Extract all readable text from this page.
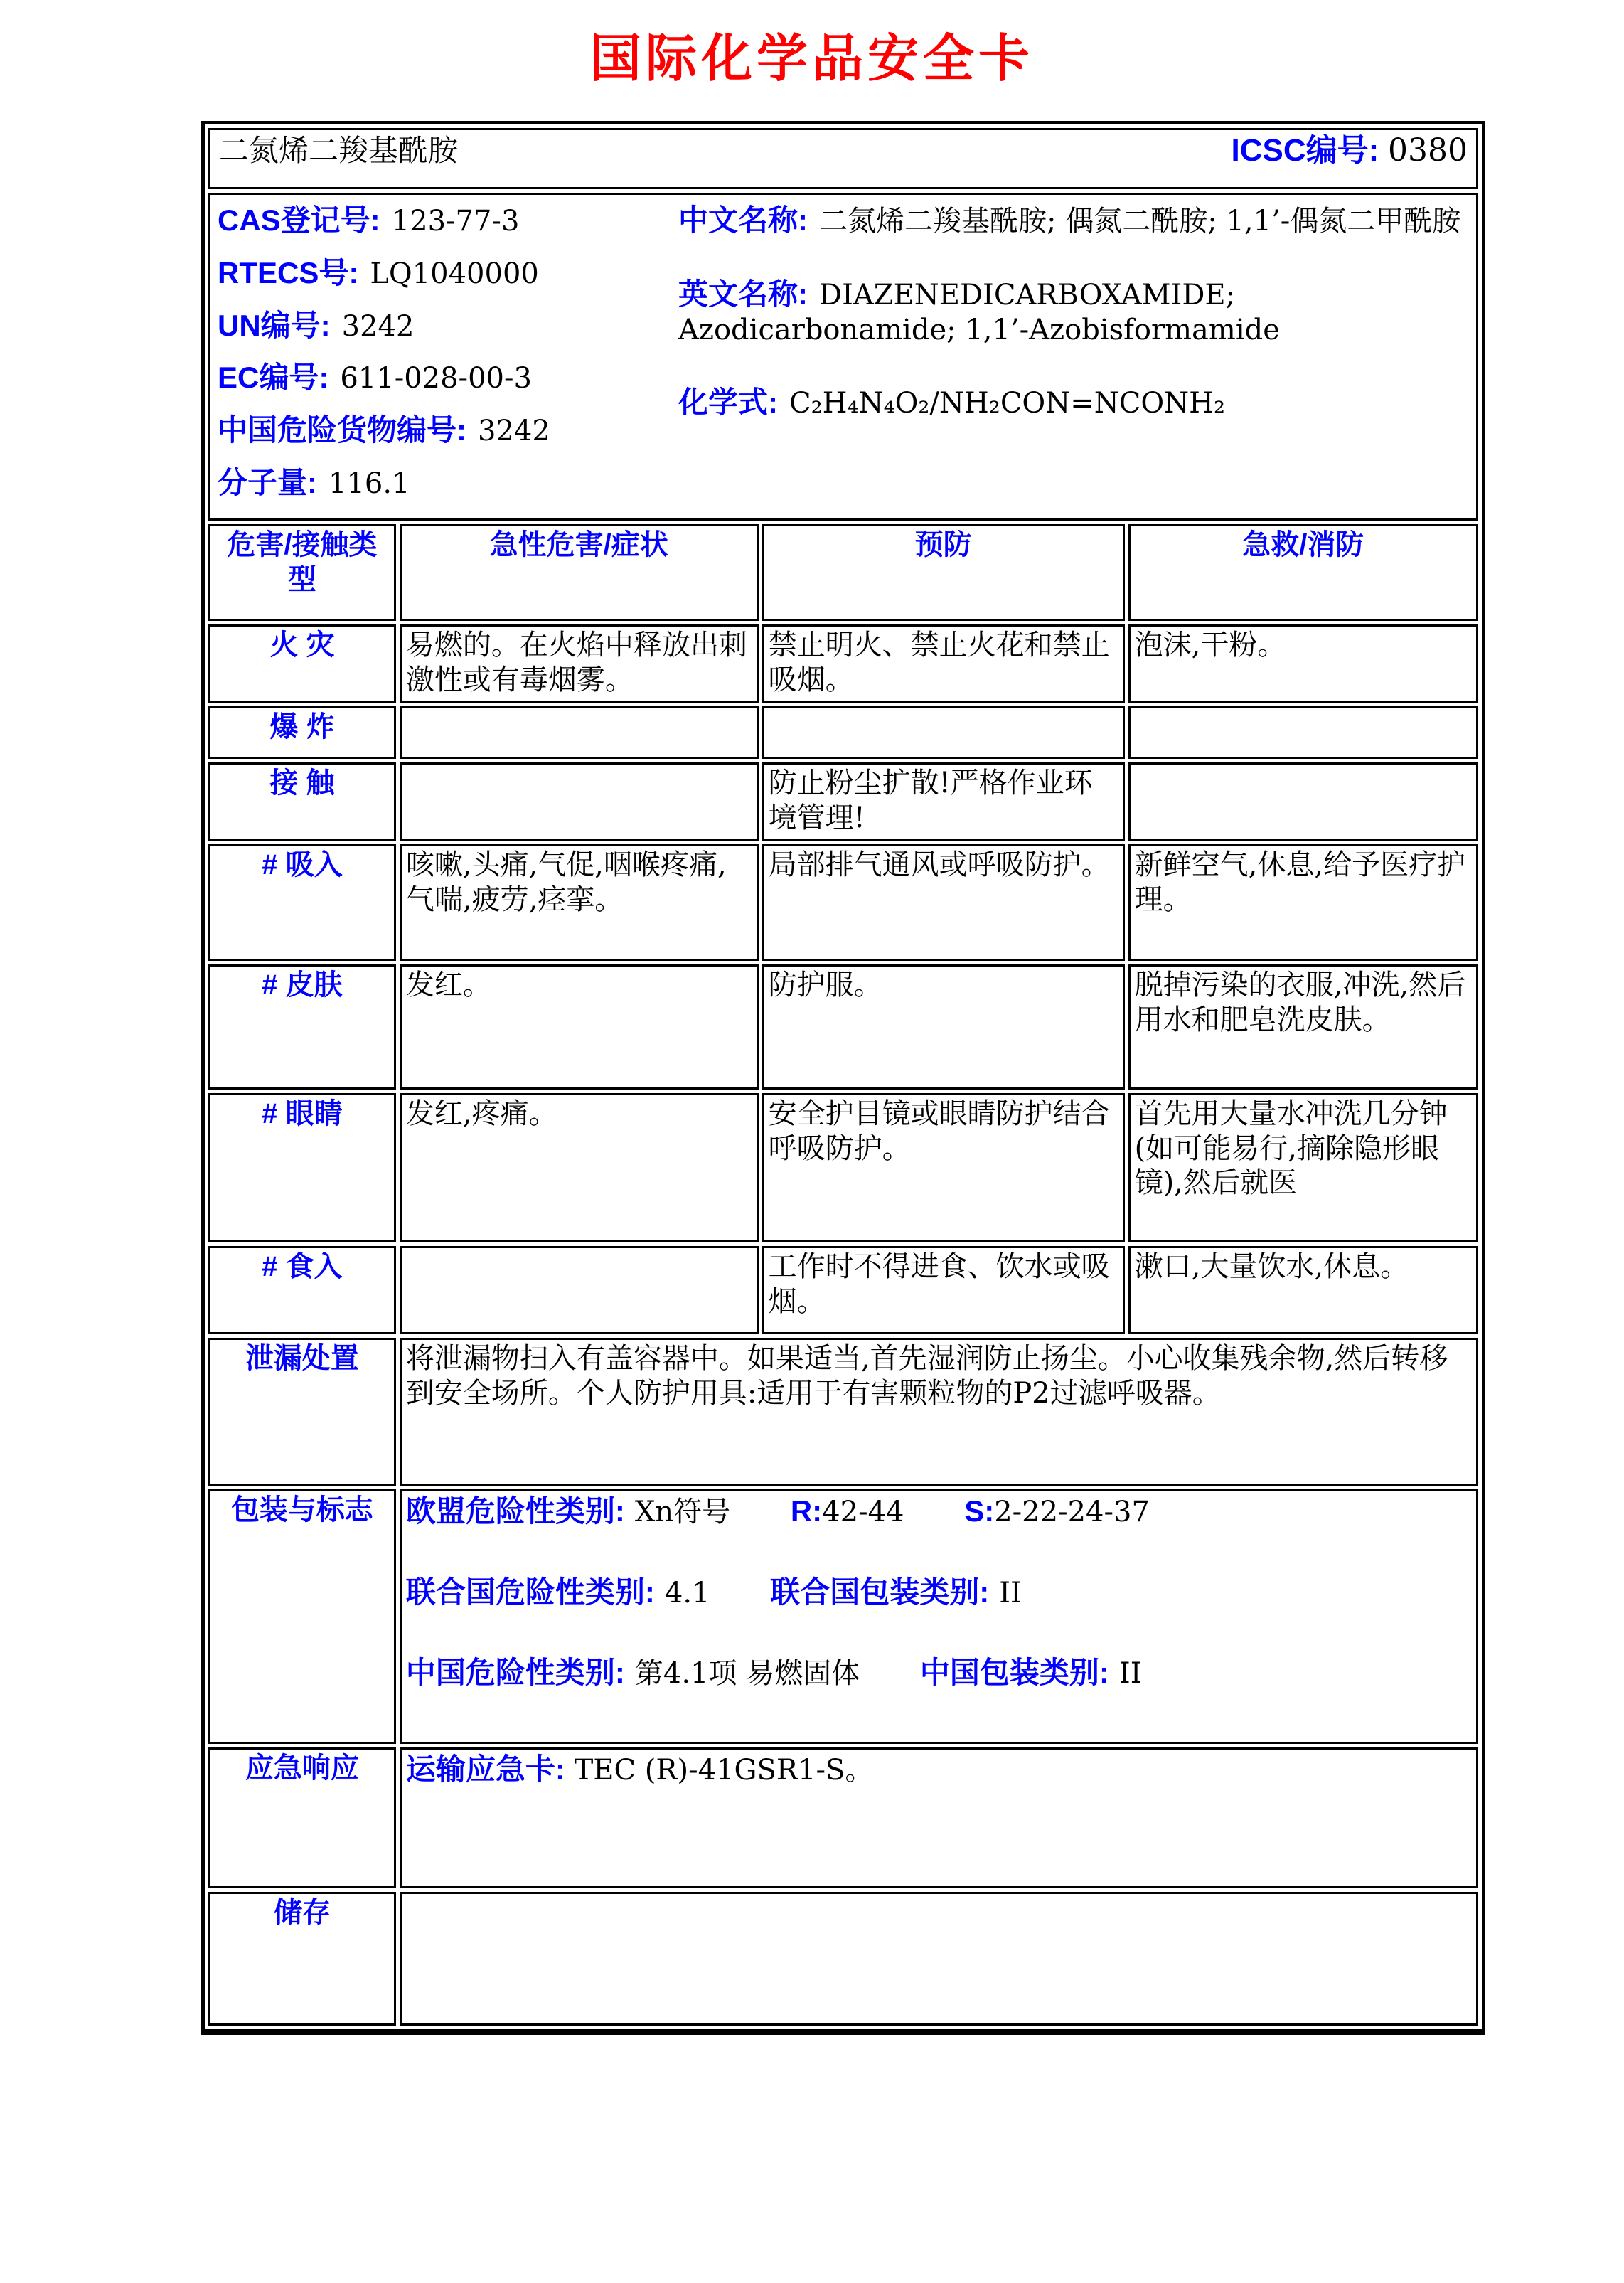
国际化学品安全卡
二氮烯二羧基酰胺 ICSC编号: 0380			

CAS登记号: 123-77-3
RTECS号: LQ1040000
UN编号: 3242
EC编号: 611-028-00-3
中国危险货物编号: 3242
分子量: 116.1
中文名称: 二氮烯二羧基酰胺; 偶氮二酰胺; 1,1’-偶氮二甲酰胺
英文名称: DIAZENEDICARBOXAMIDE; Azodicarbonamide; 1,1’-Azobisformamide
化学式: C₂H₄N₄O₂/NH₂CON=NCONH₂

危害/接触类型	急性危害/症状	预防	急救/消防
火 灾	易燃的。在火焰中释放出刺激性或有毒烟雾。	禁止明火、禁止火花和禁止吸烟。	泡沫,干粉。
爆 炸			
接 触		防止粉尘扩散!严格作业环境管理!	
# 吸入	咳嗽,头痛,气促,咽喉疼痛,气喘,疲劳,痉挛。	局部排气通风或呼吸防护。	新鲜空气,休息,给予医疗护理。
# 皮肤	发红。	防护服。	脱掉污染的衣服,冲洗,然后用水和肥皂洗皮肤。
# 眼睛	发红,疼痛。	安全护目镜或眼睛防护结合呼吸防护。	首先用大量水冲洗几分钟(如可能易行,摘除隐形眼镜),然后就医
# 食入		工作时不得进食、饮水或吸烟。	漱口,大量饮水,休息。
泄漏处置	将泄漏物扫入有盖容器中。如果适当,首先湿润防止扬尘。小心收集残余物,然后转移到安全场所。个人防护用具:适用于有害颗粒物的P2过滤呼吸器。		
包装与标志	欧盟危险性类别: Xn符号 R:42-44 S:2-22-24-37
联合国危险性类别: 4.1 联合国包装类别: II
中国危险性类别: 第4.1项 易燃固体 中国包装类别: II		

应急响应	运输应急卡: TEC (R)-41GSR1-S。		
储存			
